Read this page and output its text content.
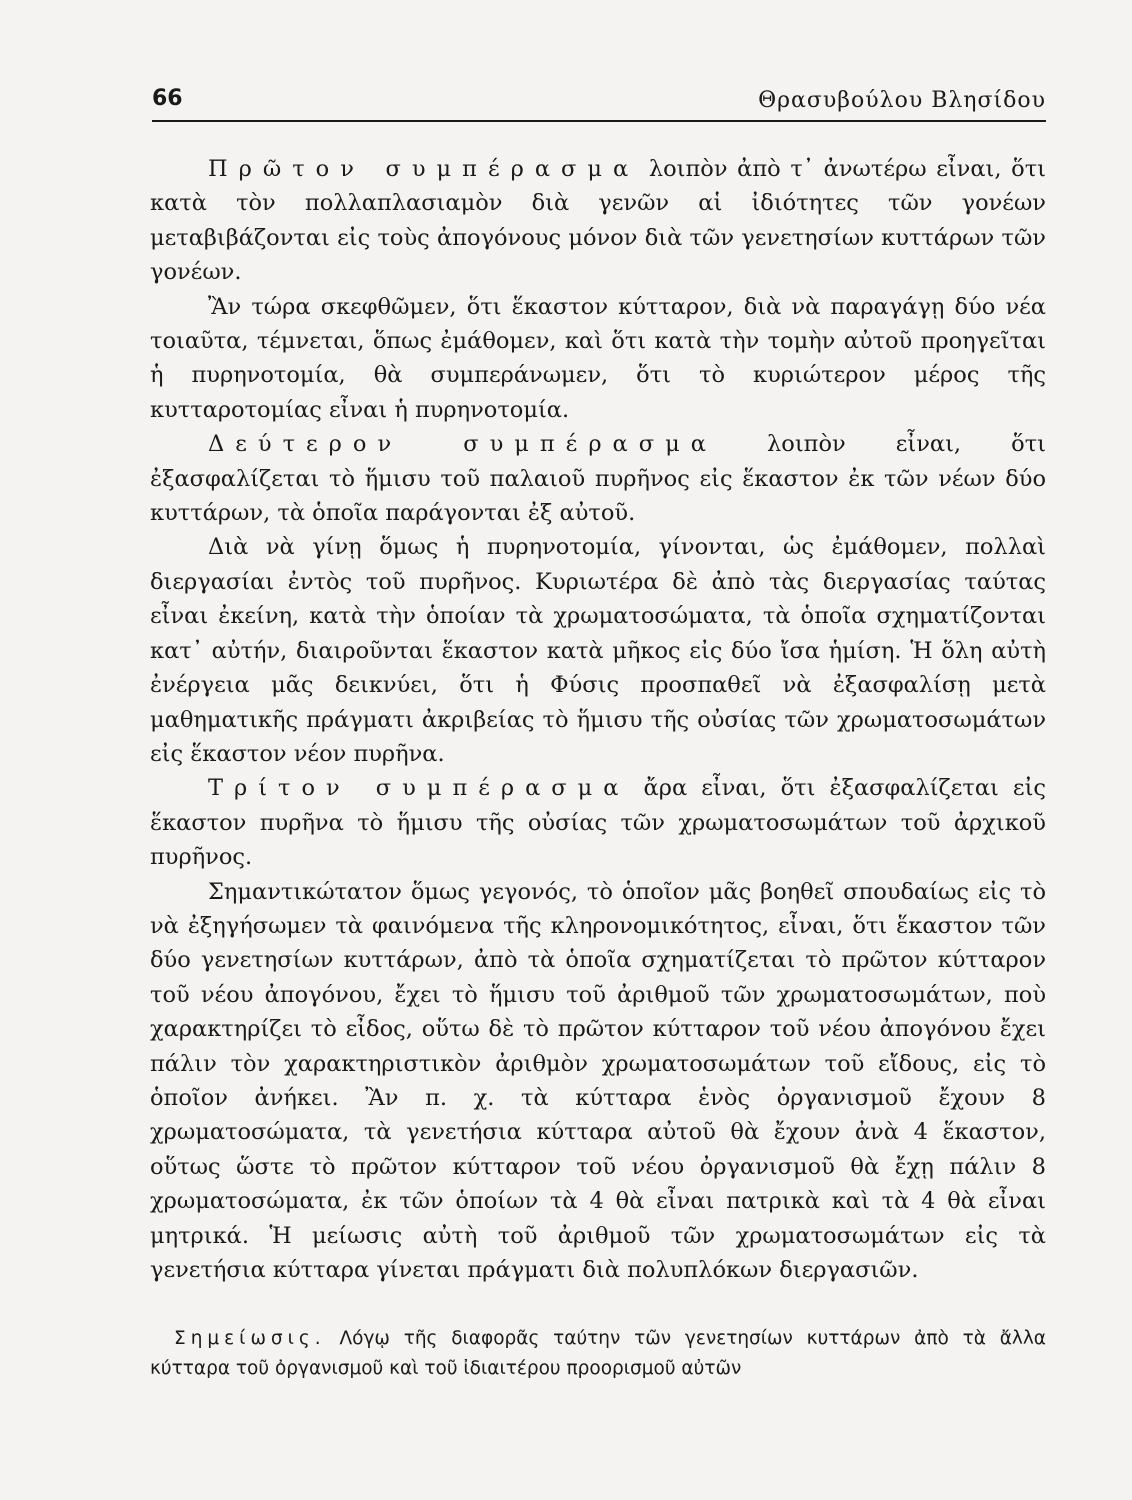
66	Θρασυβούλου Βλησίδου

Πρῶτον συμπέρασμα λοιπὸν ἀπὸ τ᾽ ἀνωτέρω εἶναι, ὅτι κατὰ τὸν πολλαπλασιαμὸν διὰ γενῶν αἱ ἰδιότητες τῶν γονέων μεταβιβάζονται εἰς τοὺς ἀπογόνους μόνον διὰ τῶν γενετησίων κυττάρων τῶν γονέων.

Ἂν τώρα σκεφθῶμεν, ὅτι ἕκαστον κύτταρον, διὰ νὰ παραγάγῃ δύο νέα τοιαῦτα, τέμνεται, ὅπως ἐμάθομεν, καὶ ὅτι κατὰ τὴν τομὴν αὐτοῦ προηγεῖται ἡ πυρηνοτομία, θὰ συμπεράνωμεν, ὅτι τὸ κυριώτερον μέρος τῆς κυτταροτομίας εἶναι ἡ πυρηνοτομία.

Δεύτερον συμπέρασμα λοιπὸν εἶναι, ὅτι ἐξασφαλίζεται τὸ ἥμισυ τοῦ παλαιοῦ πυρῆνος εἰς ἕκαστον ἐκ τῶν νέων δύο κυττάρων, τὰ ὁποῖα παράγονται ἐξ αὐτοῦ.

Διὰ νὰ γίνῃ ὅμως ἡ πυρηνοτομία, γίνονται, ὡς ἐμάθομεν, πολλαὶ διεργασίαι ἐντὸς τοῦ πυρῆνος. Κυριωτέρα δὲ ἀπὸ τὰς διεργασίας ταύτας εἶναι ἐκείνη, κατὰ τὴν ὁποίαν τὰ χρωματοσώματα, τὰ ὁποῖα σχηματίζονται κατ᾽ αὐτήν, διαιροῦνται ἕκαστον κατὰ μῆκος εἰς δύο ἴσα ἡμίση. Ἡ ὅλη αὐτὴ ἐνέργεια μᾶς δεικνύει, ὅτι ἡ Φύσις προσπαθεῖ νὰ ἐξασφαλίσῃ μετὰ μαθηματικῆς πράγματι ἀκριβείας τὸ ἥμισυ τῆς οὐσίας τῶν χρωματοσωμάτων εἰς ἕκαστον νέον πυρῆνα.

Τρίτον συμπέρασμα ἄρα εἶναι, ὅτι ἐξασφαλίζεται εἰς ἕκαστον πυρῆνα τὸ ἥμισυ τῆς οὐσίας τῶν χρωματοσωμάτων τοῦ ἀρχικοῦ πυρῆνος.

Σημαντικώτατον ὅμως γεγονός, τὸ ὁποῖον μᾶς βοηθεῖ σπουδαίως εἰς τὸ νὰ ἐξηγήσωμεν τὰ φαινόμενα τῆς κληρονομικότητος, εἶναι, ὅτι ἕκαστον τῶν δύο γενετησίων κυττάρων, ἀπὸ τὰ ὁποῖα σχηματίζεται τὸ πρῶτον κύτταρον τοῦ νέου ἀπογόνου, ἔχει τὸ ἥμισυ τοῦ ἀριθμοῦ τῶν χρωματοσωμάτων, ποὺ χαρακτηρίζει τὸ εἶδος, οὕτω δὲ τὸ πρῶτον κύτταρον τοῦ νέου ἀπογόνου ἔχει πάλιν τὸν χαρακτηριστικὸν ἀριθμὸν χρωματοσωμάτων τοῦ εἴδους, εἰς τὸ ὁποῖον ἀνήκει. Ἂν π. χ. τὰ κύτταρα ἑνὸς ὀργανισμοῦ ἔχουν 8 χρωματοσώματα, τὰ γενετήσια κύτταρα αὐτοῦ θὰ ἔχουν ἀνὰ 4 ἕκαστον, οὕτως ὥστε τὸ πρῶτον κύτταρον τοῦ νέου ὀργανισμοῦ θὰ ἔχῃ πάλιν 8 χρωματοσώματα, ἐκ τῶν ὁποίων τὰ 4 θὰ εἶναι πατρικὰ καὶ τὰ 4 θὰ εἶναι μητρικά. Ἡ μείωσις αὐτὴ τοῦ ἀριθμοῦ τῶν χρωματοσωμάτων εἰς τὰ γενετήσια κύτταρα γίνεται πράγματι διὰ πολυπλόκων διεργασιῶν.

Σημείωσις. Λόγῳ τῆς διαφορᾶς ταύτην τῶν γενετησίων κυττάρων ἀπὸ τὰ ἄλλα κύτταρα τοῦ ὀργανισμοῦ καὶ τοῦ ἰδιαιτέρου προορισμοῦ αὐτῶν
